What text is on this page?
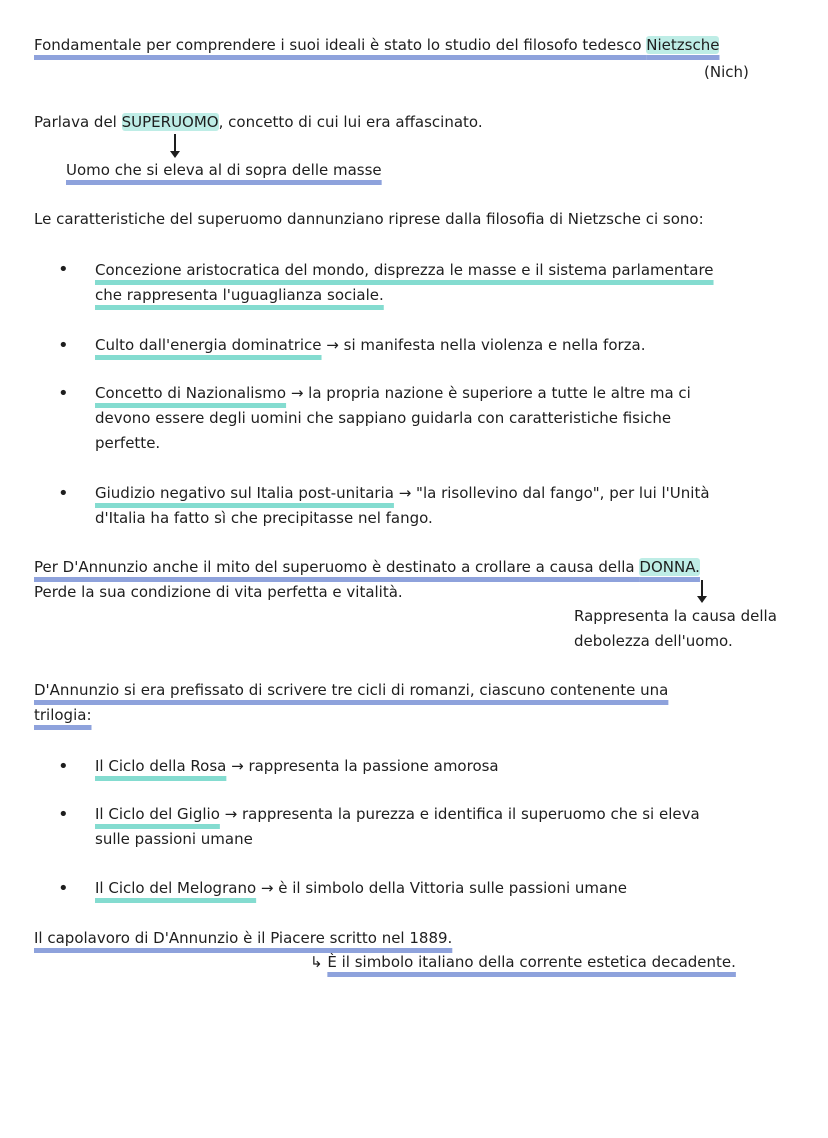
Fondamentale per comprendere i suoi ideali è stato lo studio del filosofo tedesco Nietzsche

(Nich)

Parlava del SUPERUOMO, concetto di cui lui era affascinato.

Uomo che si eleva al di sopra delle masse

Le caratteristiche del superuomo dannunziano riprese dalla filosofia di Nietzsche ci sono:

• Concezione aristocratica del mondo, disprezza le masse e il sistema parlamentare

che rappresenta l'uguaglianza sociale.

• Culto dall'energia dominatrice → si manifesta nella violenza e nella forza.

• Concetto di Nazionalismo → la propria nazione è superiore a tutte le altre ma ci

devono essere degli uomini che sappiano guidarla con caratteristiche fisiche

perfette.

• Giudizio negativo sul Italia post-unitaria → "la risollevino dal fango", per lui l'Unità

d'Italia ha fatto sì che precipitasse nel fango.

Per D'Annunzio anche il mito del superuomo è destinato a crollare a causa della DONNA.

Perde la sua condizione di vita perfetta e vitalità.

Rappresenta la causa della

debolezza dell'uomo.

D'Annunzio si era prefissato di scrivere tre cicli di romanzi, ciascuno contenente una

trilogia:

• Il Ciclo della Rosa → rappresenta la passione amorosa

• Il Ciclo del Giglio → rappresenta la purezza e identifica il superuomo che si eleva

sulle passioni umane

• Il Ciclo del Melograno → è il simbolo della Vittoria sulle passioni umane

Il capolavoro di D'Annunzio è il Piacere scritto nel 1889.

↳ È il simbolo italiano della corrente estetica decadente.
